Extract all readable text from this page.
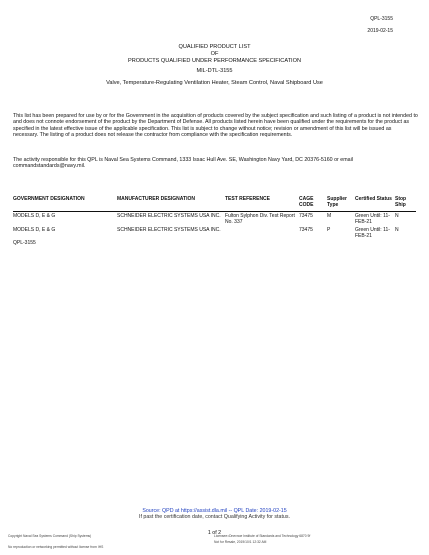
QPL-3155
2019-02-15
QUALIFIED PRODUCT LIST
OF
PRODUCTS QUALIFIED UNDER PERFORMANCE SPECIFICATION
MIL-DTL-3155
Valve, Temperature-Regulating Ventilation Heater, Steam Control, Naval Shipboard Use
This list has been prepared for use by or for the Government in the acquisition of products covered by the subject specification and such listing of a product is not intended to and does not connote endorsement of the product by the Department of Defense. All products listed herein have been qualified under the requirements for the product as specified in the latest effective issue of the applicable specification. This list is subject to change without notice; revision or amendment of this list will be issued as necessary. The listing of a product does not release the contractor from compliance with the specification requirements.
The activity responsible for this QPL is Naval Sea Systems Command, 1333 Issac Hull Ave. SE, Washington Navy Yard, DC 20376-5160 or email commandstandards@navy.mil.
GOVERNMENT DESIGNATION	MANUFACTURER DESIGNATION	TEST REFERENCE	CAGE CODE	Supplier Type	Certified Status	Stop Ship
MODELS D, E & G	SCHNEIDER ELECTRIC SYSTEMS USA INC.	Fulton Sylphon Div. Test Report No. 337	73475	M	Green Until: 11-FEB-21	N
MODELS D, E & G	SCHNEIDER ELECTRIC SYSTEMS USA INC.		73475	P	Green Until: 11-FEB-21	N
QPL-3155
Source: QPD at https://assist.dla.mil -- QPL Date: 2019-02-15
If past the certification date, contact Qualifying Activity for status.
1 of 2
Copyright Naval Sea Systems Command (Ship Systems)
No reproduction or networking permitted without license from IHS
Licensee=Dnevnoe Institute of Standards and Technology 6870 9f
Not for Resale, 2019/10/1 12:32 AM
